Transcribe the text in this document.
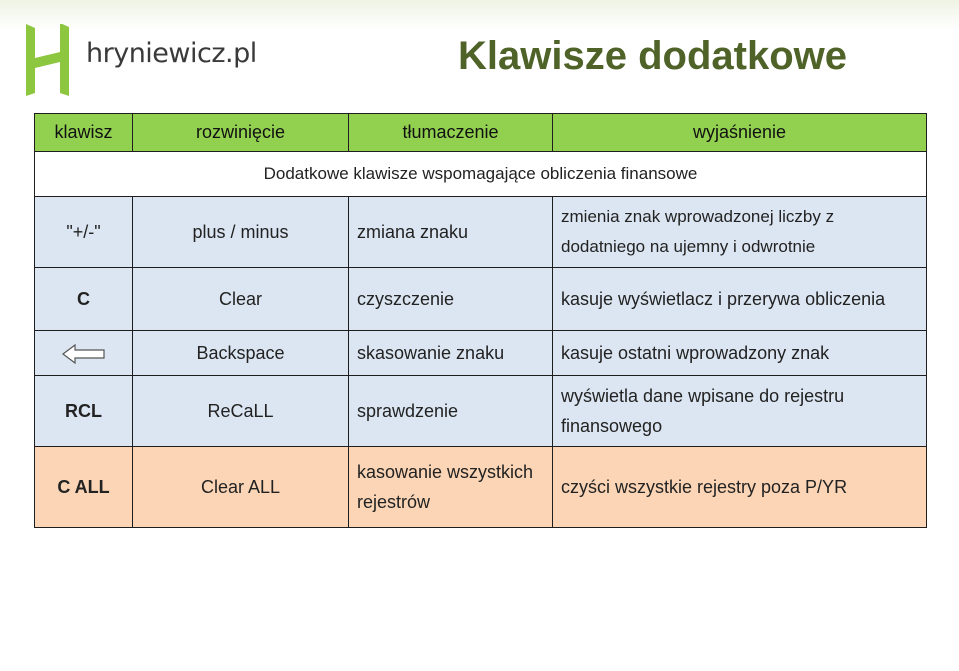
hryniewicz.pl	Klawisze dodatkowe
klawisz	rozwinięcie	tłumaczenie	wyjaśnienie
Dodatkowe klawisze wspomagające obliczenia finansowe			
"+/-"	plus / minus	zmiana znaku	zmienia znak wprowadzonej liczby z dodatniego na ujemny i odwrotnie
C	Clear	czyszczenie	kasuje wyświetlacz i przerywa obliczenia
	Backspace	skasowanie znaku	kasuje ostatni wprowadzony znak
RCL	ReCaLL	sprawdzenie	wyświetla dane wpisane do rejestru finansowego
C ALL	Clear ALL	kasowanie wszystkich rejestrów	czyści wszystkie rejestry poza P/YR
